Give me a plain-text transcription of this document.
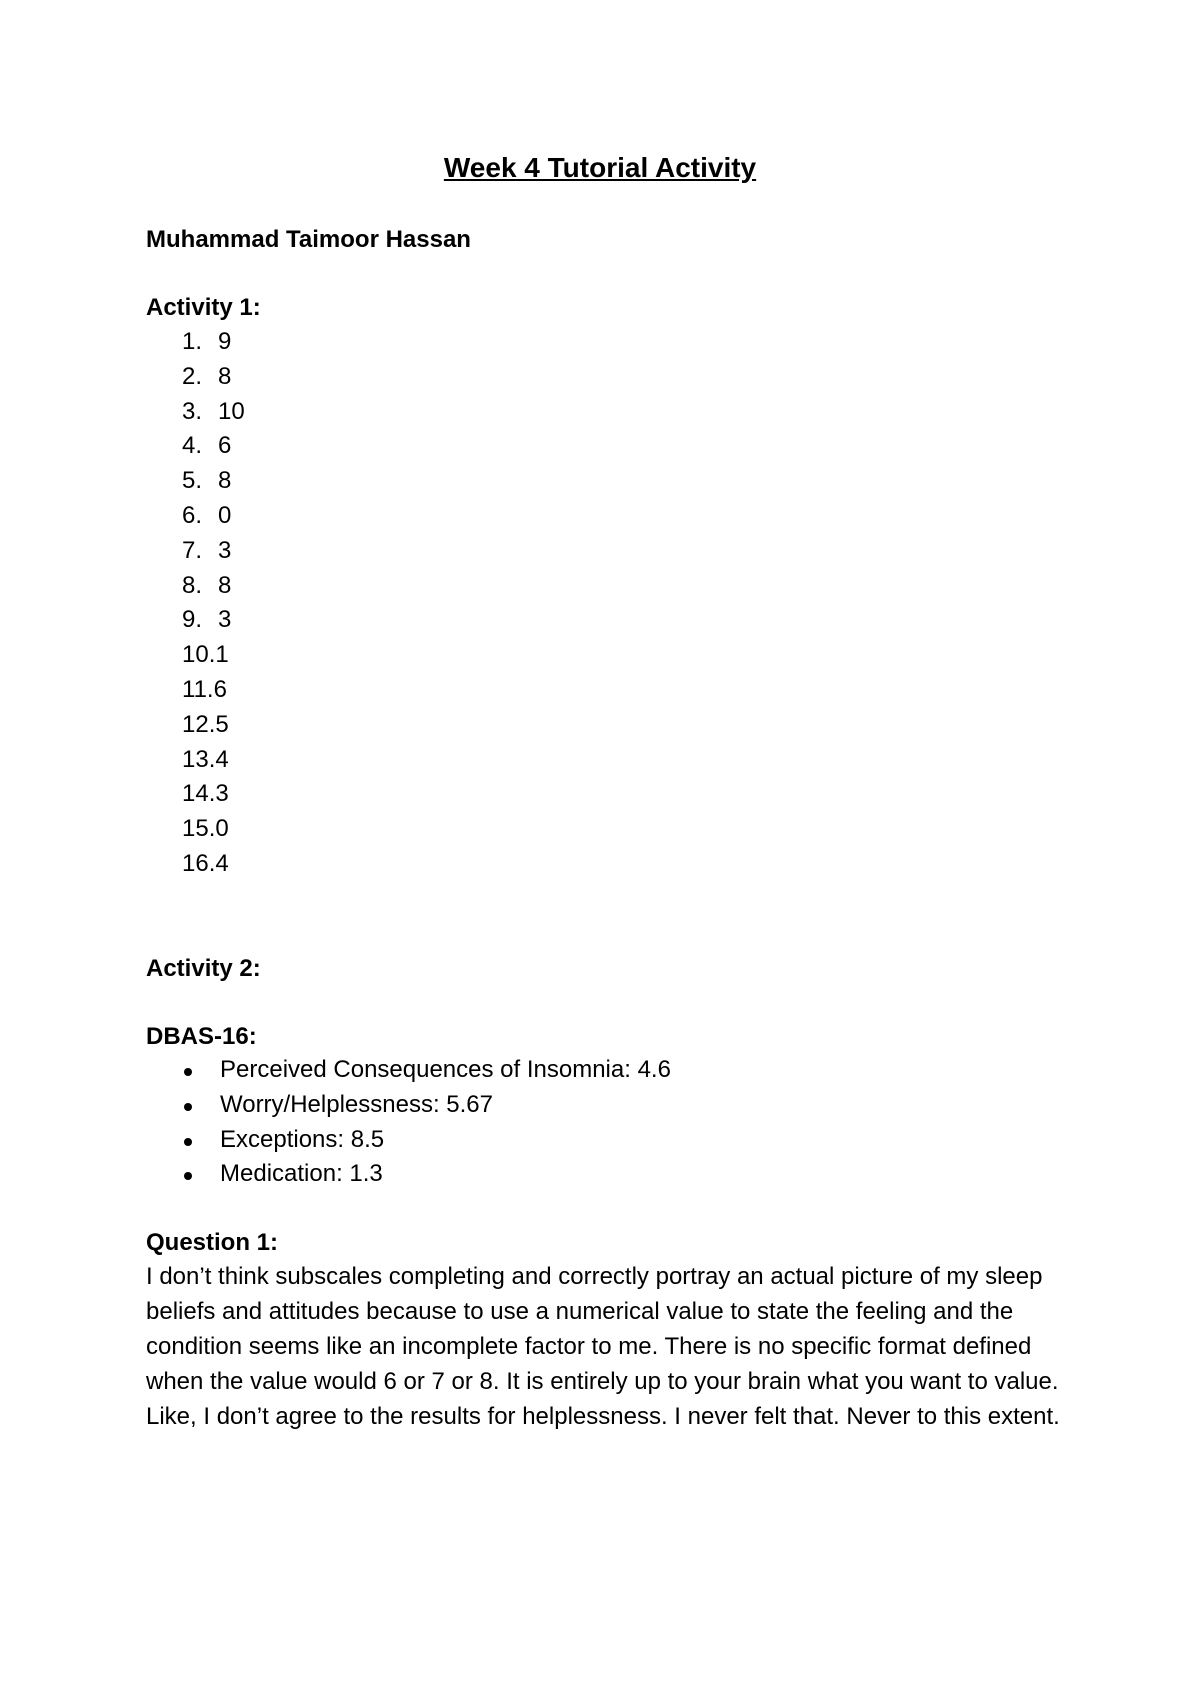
Week 4 Tutorial Activity
Muhammad Taimoor Hassan
Activity 1:
1. 9
2. 8
3. 10
4. 6
5. 8
6. 0
7. 3
8. 8
9. 3
10.1
11.6
12.5
13.4
14.3
15.0
16.4
Activity 2:
DBAS-16:
Perceived Consequences of Insomnia: 4.6
Worry/Helplessness: 5.67
Exceptions: 8.5
Medication: 1.3
Question 1:

I don’t think subscales completing and correctly portray an actual picture of my sleep beliefs and attitudes because to use a numerical value to state the feeling and the condition seems like an incomplete factor to me. There is no specific format defined when the value would 6 or 7 or 8. It is entirely up to your brain what you want to value. Like, I don’t agree to the results for helplessness. I never felt that. Never to this extent.
